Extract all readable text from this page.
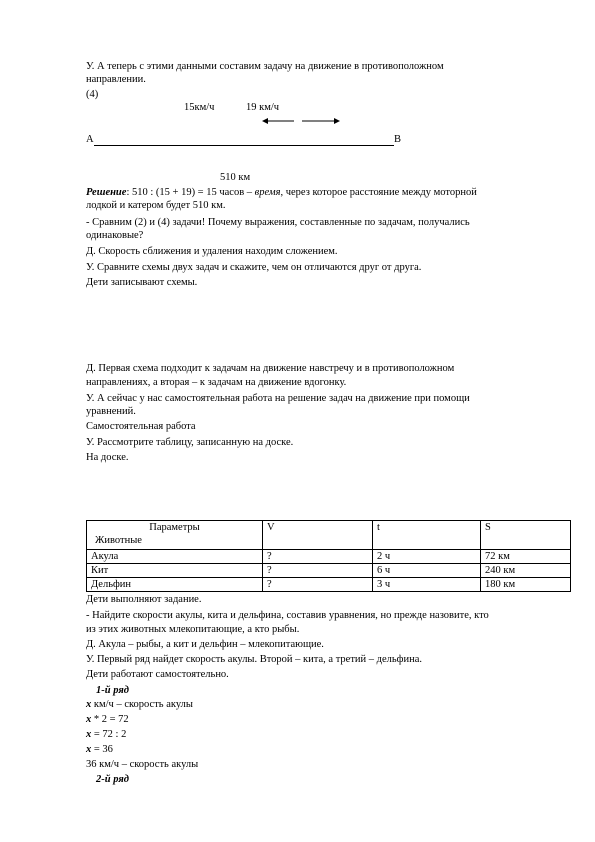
У. А теперь с этими данными составим задачу на движение в противоположном
направлении.
(4)
15км/ч	19 км/ч
А	В
510 км
Решение: 510 : (15 + 19) = 15 часов – время, через которое расстояние между моторной
лодкой и катером будет 510 км.
- Сравним (2) и (4) задачи! Почему выражения, составленные по задачам, получались
одинаковые?
Д. Скорость сближения и удаления находим сложением.
У. Сравните схемы двух задач и скажите, чем он отличаются друг от друга.
Дети записывают схемы.
Д. Первая схема подходит к задачам на движение навстречу и в противоположном
направлениях, а вторая – к задачам на движение вдогонку.
У. А сейчас у нас самостоятельная работа на решение задач на движение при помощи
уравнений.
Самостоятельная работа
У. Рассмотрите таблицу, записанную на доске.
На доске.
Параметры
Животные	V	t	S
Акула	?	2 ч	72 км
Кит	?	6 ч	240 км
Дельфин	?	3 ч	180 км
Дети выполняют задание.
- Найдите скорости акулы, кита и дельфина, составив уравнения, но прежде назовите, кто
из этих животных млекопитающие, а кто рыбы.
Д. Акула – рыбы, а кит и дельфин – млекопитающие.
У. Первый ряд найдет скорость акулы. Второй – кита, а третий – дельфина.
Дети работают самостоятельно.
1-й ряд
x км/ч – скорость акулы
x * 2 = 72
x = 72 : 2
x = 36
36 км/ч – скорость акулы
2-й ряд
